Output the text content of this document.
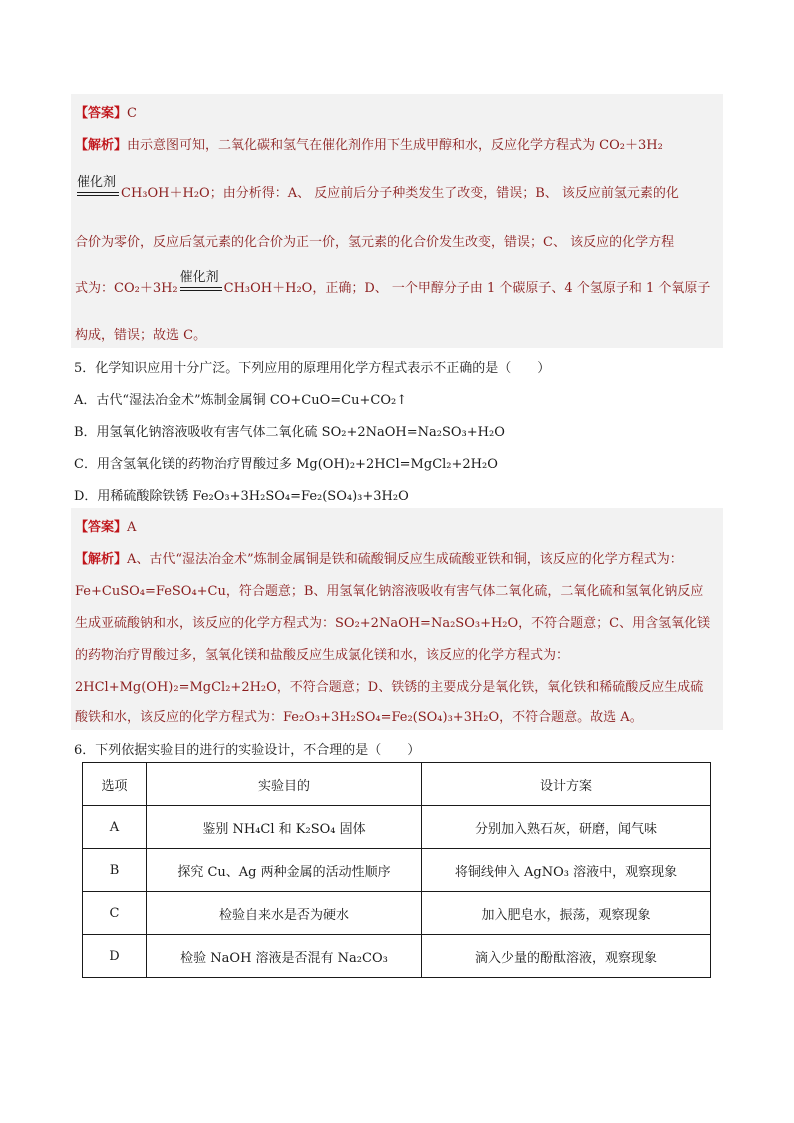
【答案】C
【解析】由示意图可知，二氧化碳和氢气在催化剂作用下生成甲醇和水，反应化学方程式为 CO₂＋3H₂
催化剂
CH₃OH＋H₂O；由分析得：A、 反应前后分子种类发生了改变，错误；B、 该反应前氢元素的化
合价为零价，反应后氢元素的化合价为正一价，氢元素的化合价发生改变，错误；C、 该反应的化学方程
式为：CO₂＋3H₂
催化剂
CH₃OH＋H₂O，正确；D、 一个甲醇分子由 1 个碳原子、4 个氢原子和 1 个氧原子
构成，错误；故选 C。
5．化学知识应用十分广泛。下列应用的原理用化学方程式表示不正确的是（　　）
A．古代“湿法冶金术”炼制金属铜 CO+CuO=Cu+CO₂↑
B．用氢氧化钠溶液吸收有害气体二氧化硫 SO₂+2NaOH=Na₂SO₃+H₂O
C．用含氢氧化镁的药物治疗胃酸过多 Mg(OH)₂+2HCl=MgCl₂+2H₂O
D．用稀硫酸除铁锈 Fe₂O₃+3H₂SO₄=Fe₂(SO₄)₃+3H₂O
【答案】A
【解析】A、古代“湿法冶金术”炼制金属铜是铁和硫酸铜反应生成硫酸亚铁和铜，该反应的化学方程式为：
Fe+CuSO₄=FeSO₄+Cu，符合题意；B、用氢氧化钠溶液吸收有害气体二氧化硫，二氧化硫和氢氧化钠反应
生成亚硫酸钠和水，该反应的化学方程式为：SO₂+2NaOH=Na₂SO₃+H₂O，不符合题意；C、用含氢氧化镁
的药物治疗胃酸过多，氢氧化镁和盐酸反应生成氯化镁和水，该反应的化学方程式为：
2HCl+Mg(OH)₂=MgCl₂+2H₂O，不符合题意；D、铁锈的主要成分是氧化铁，氧化铁和稀硫酸反应生成硫
酸铁和水，该反应的化学方程式为：Fe₂O₃+3H₂SO₄=Fe₂(SO₄)₃+3H₂O，不符合题意。故选 A。
6．下列依据实验目的进行的实验设计，不合理的是（　　）
选项	实验目的	设计方案
A	鉴别 NH₄Cl 和 K₂SO₄ 固体	分别加入熟石灰，研磨，闻气味
B	探究 Cu、Ag 两种金属的活动性顺序	将铜线伸入 AgNO₃ 溶液中，观察现象
C	检验自来水是否为硬水	加入肥皂水，振荡，观察现象
D	检验 NaOH 溶液是否混有 Na₂CO₃	滴入少量的酚酞溶液，观察现象
